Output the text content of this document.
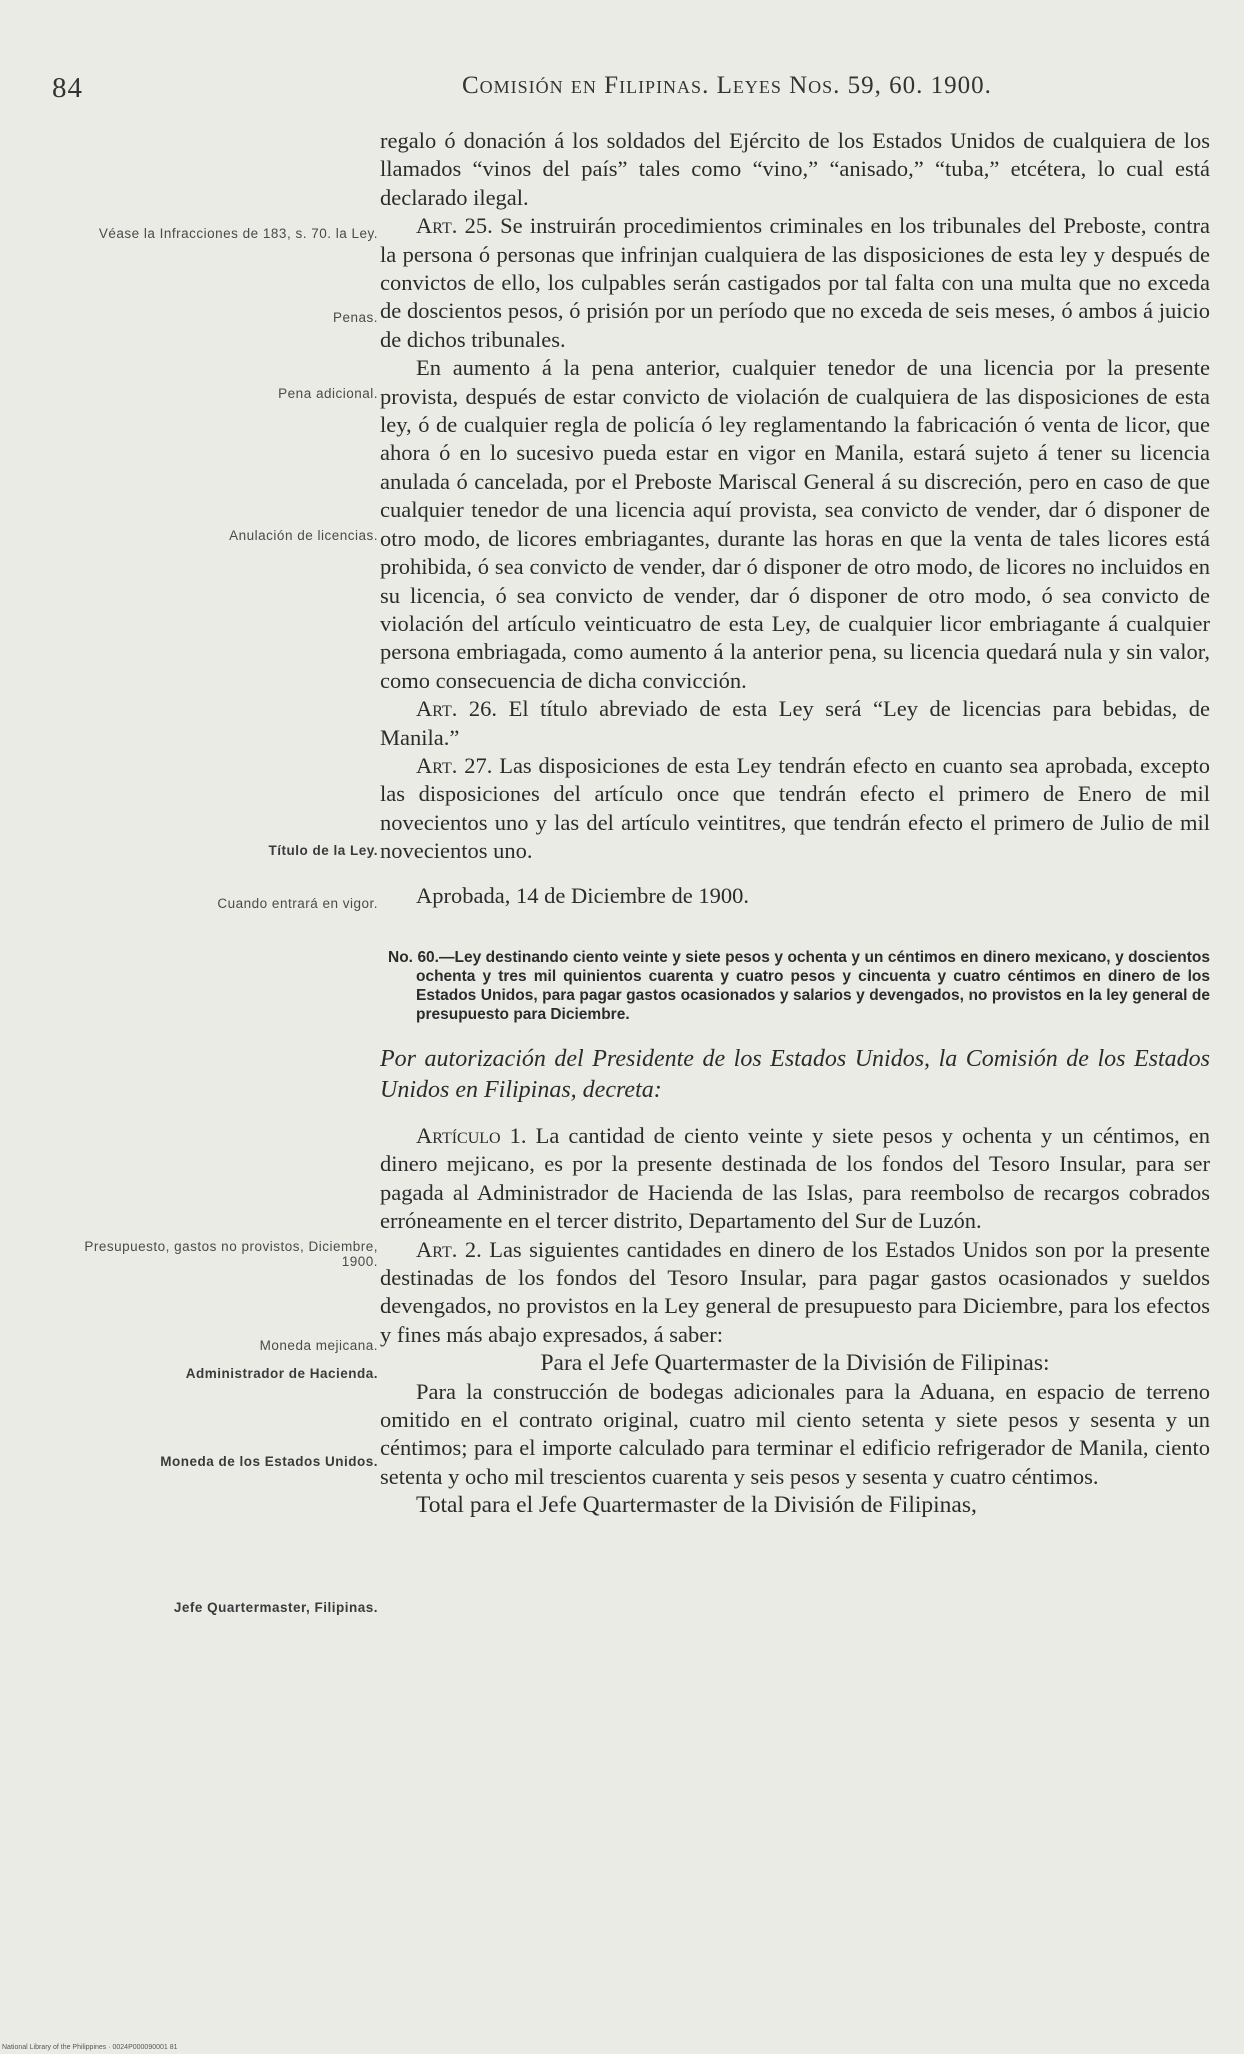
84	Comisión en Filipinas. Leyes Nos. 59, 60. 1900.
Véase la Infracciones de 183, s. 70. la Ley.
Penas.
Pena adicional.
Anulación de licencias.
Título de la Ley.
Cuando entrará en vigor.
Presupuesto, gastos no provistos, Diciembre, 1900.
Moneda mejicana.
Administrador de Hacienda.
Moneda de los Estados Unidos.
Jefe Quartermaster, Filipinas.

regalo ó donación á los soldados del Ejército de los Estados Unidos de cualquiera de los llamados “vinos del país” tales como “vino,” “anisado,” “tuba,” etcétera, lo cual está declarado ilegal.

Art. 25. Se instruirán procedimientos criminales en los tribunales del Preboste, contra la persona ó personas que infrinjan cualquiera de las disposiciones de esta ley y después de convictos de ello, los culpables serán castigados por tal falta con una multa que no exceda de doscientos pesos, ó prisión por un período que no exceda de seis meses, ó ambos á juicio de dichos tribunales.

En aumento á la pena anterior, cualquier tenedor de una licencia por la presente provista, después de estar convicto de violación de cualquiera de las disposiciones de esta ley, ó de cualquier regla de policía ó ley reglamentando la fabricación ó venta de licor, que ahora ó en lo sucesivo pueda estar en vigor en Manila, estará sujeto á tener su licencia anulada ó cancelada, por el Preboste Mariscal General á su discreción, pero en caso de que cualquier tenedor de una licencia aquí provista, sea convicto de vender, dar ó disponer de otro modo, de licores embriagantes, durante las horas en que la venta de tales licores está prohibida, ó sea convicto de vender, dar ó disponer de otro modo, de licores no incluidos en su licencia, ó sea convicto de vender, dar ó disponer de otro modo, ó sea convicto de violación del artículo veinticuatro de esta Ley, de cualquier licor embriagante á cualquier persona embriagada, como aumento á la anterior pena, su licencia quedará nula y sin valor, como consecuencia de dicha convicción.

Art. 26. El título abreviado de esta Ley será “Ley de licencias para bebidas, de Manila.”

Art. 27. Las disposiciones de esta Ley tendrán efecto en cuanto sea aprobada, excepto las disposiciones del artículo once que tendrán efecto el primero de Enero de mil novecientos uno y las del artículo veintitres, que tendrán efecto el primero de Julio de mil novecientos uno.

Aprobada, 14 de Diciembre de 1900.

No. 60.—Ley destinando ciento veinte y siete pesos y ochenta y un céntimos en dinero mexicano, y doscientos ochenta y tres mil quinientos cuarenta y cuatro pesos y cincuenta y cuatro céntimos en dinero de los Estados Unidos, para pagar gastos ocasionados y salarios y devengados, no provistos en la ley general de presupuesto para Diciembre.

Por autorización del Presidente de los Estados Unidos, la Comisión de los Estados Unidos en Filipinas, decreta:

Artículo 1. La cantidad de ciento veinte y siete pesos y ochenta y un céntimos, en dinero mejicano, es por la presente destinada de los fondos del Tesoro Insular, para ser pagada al Administrador de Hacienda de las Islas, para reembolso de recargos cobrados erróneamente en el tercer distrito, Departamento del Sur de Luzón.

Art. 2. Las siguientes cantidades en dinero de los Estados Unidos son por la presente destinadas de los fondos del Tesoro Insular, para pagar gastos ocasionados y sueldos devengados, no provistos en la Ley general de presupuesto para Diciembre, para los efectos y fines más abajo expresados, á saber:

Para el Jefe Quartermaster de la División de Filipinas:

Para la construcción de bodegas adicionales para la Aduana, en espacio de terreno omitido en el contrato original, cuatro mil ciento setenta y siete pesos y sesenta y un céntimos; para el importe calculado para terminar el edificio refrigerador de Manila, ciento setenta y ocho mil trescientos cuarenta y seis pesos y sesenta y cuatro céntimos.

Total para el Jefe Quartermaster de la División de Filipinas,

National Library of the Philippines · 0024P000090001 81
